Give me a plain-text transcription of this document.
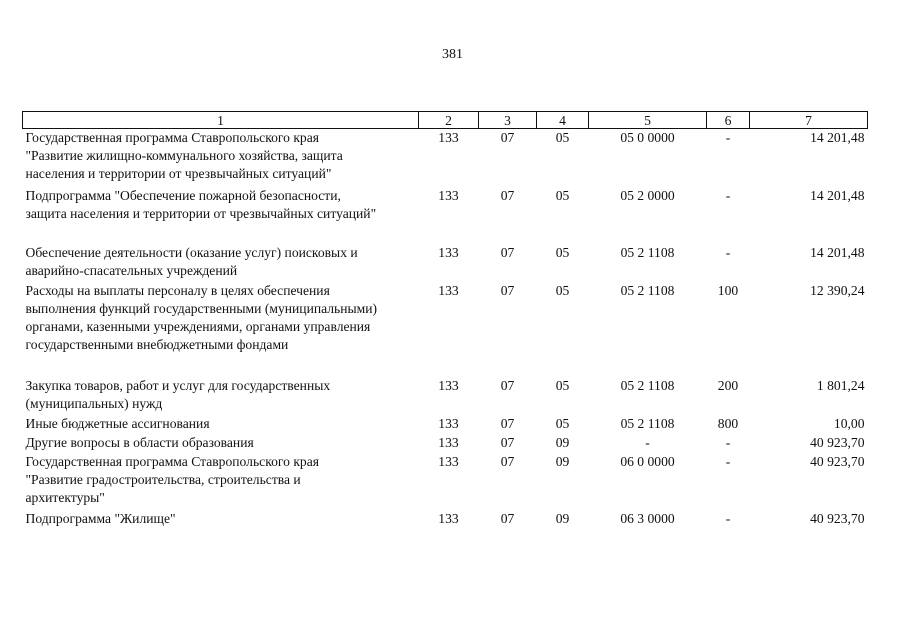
381
1	2	3	4	5	6	7

Государственная программа Ставропольского края
"Развитие жилищно-коммунального хозяйства, защита
населения и территории от чрезвычайных ситуаций"	133	07	05	05 0 0000	-	14 201,48

Подпрограмма "Обеспечение пожарной безопасности,
защита населения и территории от чрезвычайных ситуаций"	133	07	05	05 2 0000	-	14 201,48

Обеспечение деятельности (оказание услуг) поисковых и
аварийно-спасательных учреждений	133	07	05	05 2 1108	-	14 201,48

Расходы на выплаты персоналу в целях обеспечения
выполнения функций государственными (муниципальными)
органами, казенными учреждениями, органами управления
государственными внебюджетными фондами	133	07	05	05 2 1108	100	12 390,24

Закупка товаров, работ и услуг для государственных
(муниципальных) нужд	133	07	05	05 2 1108	200	1 801,24

Иные бюджетные ассигнования	133	07	05	05 2 1108	800	10,00

Другие вопросы в области образования	133	07	09	-	-	40 923,70

Государственная программа Ставропольского края
"Развитие градостроительства, строительства и
архитектуры"	133	07	09	06 0 0000	-	40 923,70

Подпрограмма "Жилище"	133	07	09	06 3 0000	-	40 923,70
